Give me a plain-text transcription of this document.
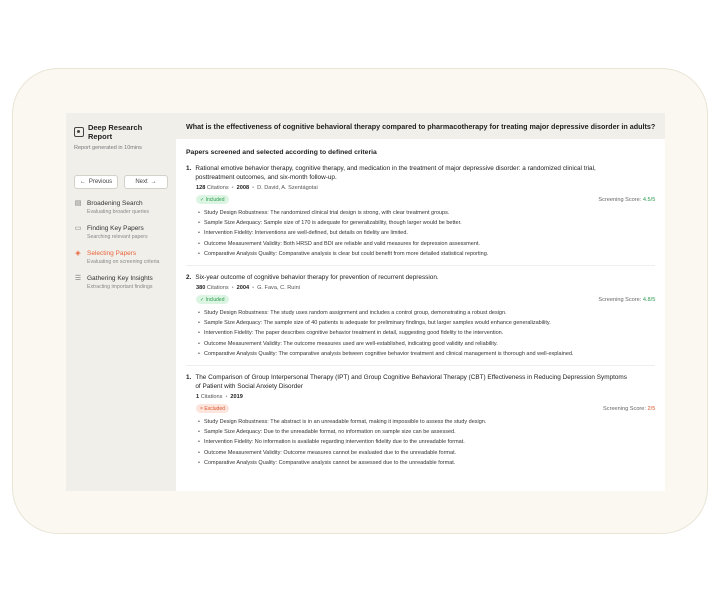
Deep Research Report
Report generated in 10mins
← Previous	Next →
▤ Broadening Search
Evaluating broader queries
▭ Finding Key Papers
Searching relevant papers
◈ Selecting Papers
Evaluating on screening criteria
☰ Gathering Key Insights
Extracting important findings
What is the effectiveness of cognitive behavioral therapy compared to pharmacotherapy for treating major depressive disorder in adults?
Papers screened and selected according to defined criteria
1. Rational emotive behavior therapy, cognitive therapy, and medication in the treatment of major depressive disorder: a randomized clinical trial,
posttreatment outcomes, and six-month follow-up.
128 Citations • 2008 • D. David, A. Szentágotai
✓ Included	Screening Score: 4.5/5
• Study Design Robustness: The randomized clinical trial design is strong, with clear treatment groups.
• Sample Size Adequacy: Sample size of 170 is adequate for generalizability, though larger would be better.
• Intervention Fidelity: Interventions are well-defined, but details on fidelity are limited.
• Outcome Measurement Validity: Both HRSD and BDI are reliable and valid measures for depression assessment.
• Comparative Analysis Quality: Comparative analysis is clear but could benefit from more detailed statistical reporting.
2. Six-year outcome of cognitive behavior therapy for prevention of recurrent depression.
380 Citations • 2004 • G. Fava, C. Ruini
✓ Included	Screening Score: 4.8/5
• Study Design Robustness: The study uses random assignment and includes a control group, demonstrating a robust design.
• Sample Size Adequacy: The sample size of 40 patients is adequate for preliminary findings, but larger samples would enhance generalizability.
• Intervention Fidelity: The paper describes cognitive behavior treatment in detail, suggesting good fidelity to the intervention.
• Outcome Measurement Validity: The outcome measures used are well-established, indicating good validity and reliability.
• Comparative Analysis Quality: The comparative analysis between cognitive behavior treatment and clinical management is thorough and well-explained.
1. The Comparison of Group Interpersonal Therapy (IPT) and Group Cognitive Behavioral Therapy (CBT) Effectiveness in Reducing Depression Symptoms
of Patient with Social Anxiety Disorder
1 Citations • 2019
× Excluded	Screening Score: 2/5
• Study Design Robustness: The abstract is in an unreadable format, making it impossible to assess the study design.
• Sample Size Adequacy: Due to the unreadable format, no information on sample size can be assessed.
• Intervention Fidelity: No information is available regarding intervention fidelity due to the unreadable format.
• Outcome Measurement Validity: Outcome measures cannot be evaluated due to the unreadable format.
• Comparative Analysis Quality: Comparative analysis cannot be assessed due to the unreadable format.
